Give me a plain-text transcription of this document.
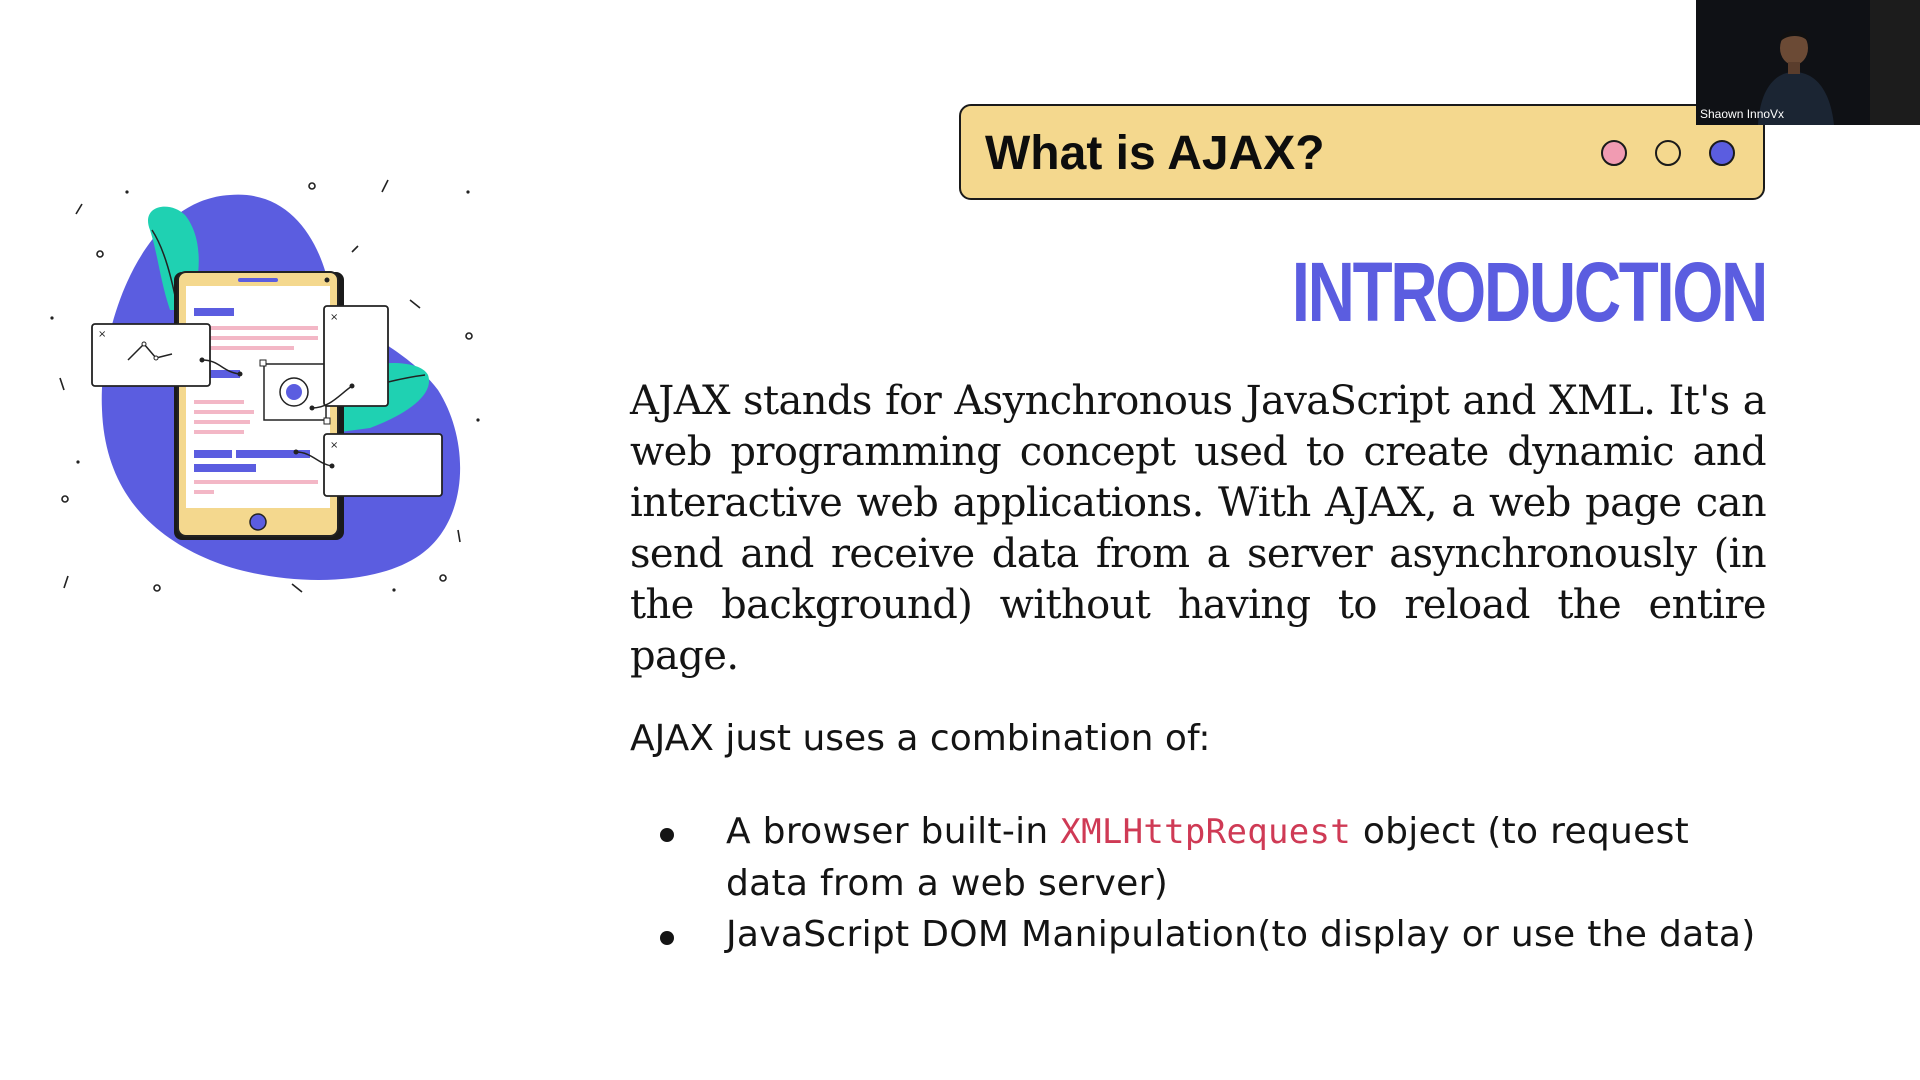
×
×
×
What is AJAX?
Shaown InnoVx
INTRODUCTION
AJAX stands for Asynchronous JavaScript and XML. It's a web programming concept used to create dynamic and interactive web applications. With AJAX, a web page can send and receive data from a server asynchronously (in the background) without having to reload the entire page.
AJAX just uses a combination of:
A browser built-in XMLHttpRequest object (to request data from a web server)
JavaScript DOM Manipulation(to display or use the data)
